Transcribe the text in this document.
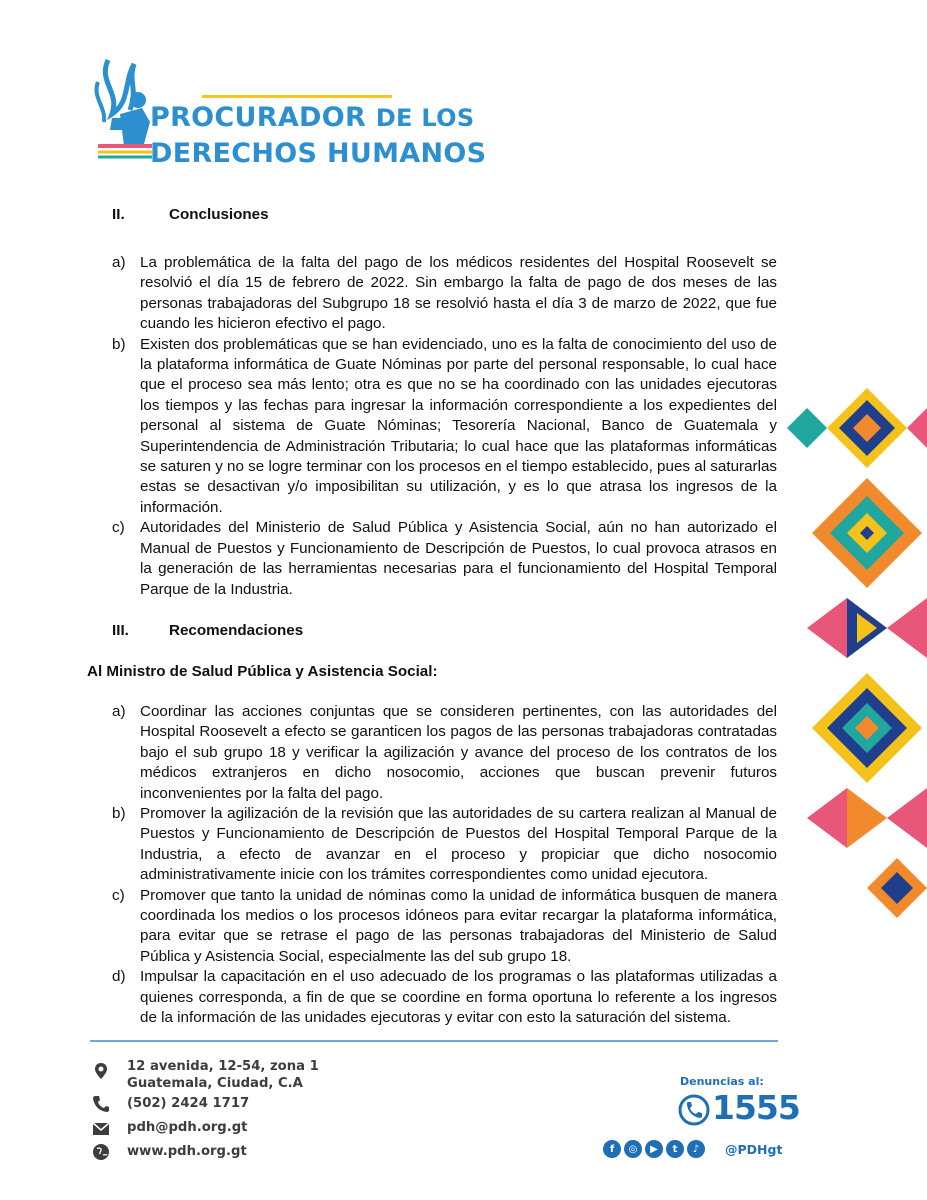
PROCURADOR DE LOS
DERECHOS HUMANOS
II.	Conclusiones
a) La problemática de la falta del pago de los médicos residentes del Hospital Roosevelt se resolvió el día 15 de febrero de 2022. Sin embargo la falta de pago de dos meses de las personas trabajadoras del Subgrupo 18 se resolvió hasta el día 3 de marzo de 2022, que fue cuando les hicieron efectivo el pago.
b) Existen dos problemáticas que se han evidenciado, uno es la falta de conocimiento del uso de la plataforma informática de Guate Nóminas por parte del personal responsable, lo cual hace que el proceso sea más lento; otra es que no se ha coordinado con las unidades ejecutoras los tiempos y las fechas para ingresar la información correspondiente a los expedientes del personal al sistema de Guate Nóminas; Tesorería Nacional, Banco de Guatemala y Superintendencia de Administración Tributaria; lo cual hace que las plataformas informáticas se saturen y no se logre terminar con los procesos en el tiempo establecido, pues al saturarlas estas se desactivan y/o imposibilitan su utilización, y es lo que atrasa los ingresos de la información.
c)	Autoridades del Ministerio de Salud Pública y Asistencia Social, aún no han autorizado el Manual de Puestos y Funcionamiento de Descripción de Puestos, lo cual provoca atrasos en la generación de las herramientas necesarias para el funcionamiento del Hospital Temporal Parque de la Industria.
III.	Recomendaciones
Al Ministro de Salud Pública y Asistencia Social:
a) Coordinar las acciones conjuntas que se consideren pertinentes, con las autoridades del Hospital Roosevelt a efecto se garanticen los pagos de las personas trabajadoras contratadas bajo el sub grupo 18 y verificar la agilización y avance del proceso de los contratos de los médicos extranjeros en dicho nosocomio, acciones que buscan prevenir futuros inconvenientes por la falta del pago.
b) Promover la agilización de la revisión que las autoridades de su cartera realizan al Manual de Puestos y Funcionamiento de Descripción de Puestos del Hospital Temporal Parque de la Industria, a efecto de avanzar en el proceso y propiciar que dicho nosocomio administrativamente inicie con los trámites correspondientes como unidad ejecutora.
c)	Promover que tanto la unidad de nóminas como la unidad de informática busquen de manera coordinada los medios o los procesos idóneos para evitar recargar la plataforma informática, para evitar que se retrase el pago de las personas trabajadoras del Ministerio de Salud Pública y Asistencia Social, especialmente las del sub grupo 18.
d) Impulsar la capacitación en el uso adecuado de los programas o las plataformas utilizadas a quienes corresponda, a fin de que se coordine en forma oportuna lo referente a los ingresos de la información de las unidades ejecutoras y evitar con esto la saturación del sistema.
12 avenida, 12-54, zona 1
Guatemala, Ciudad, C.A
(502) 2424 1717
pdh@pdh.org.gt
www.pdh.org.gt
Denuncias al:
1555
f	◎	▶	t	♪	@PDHgt
